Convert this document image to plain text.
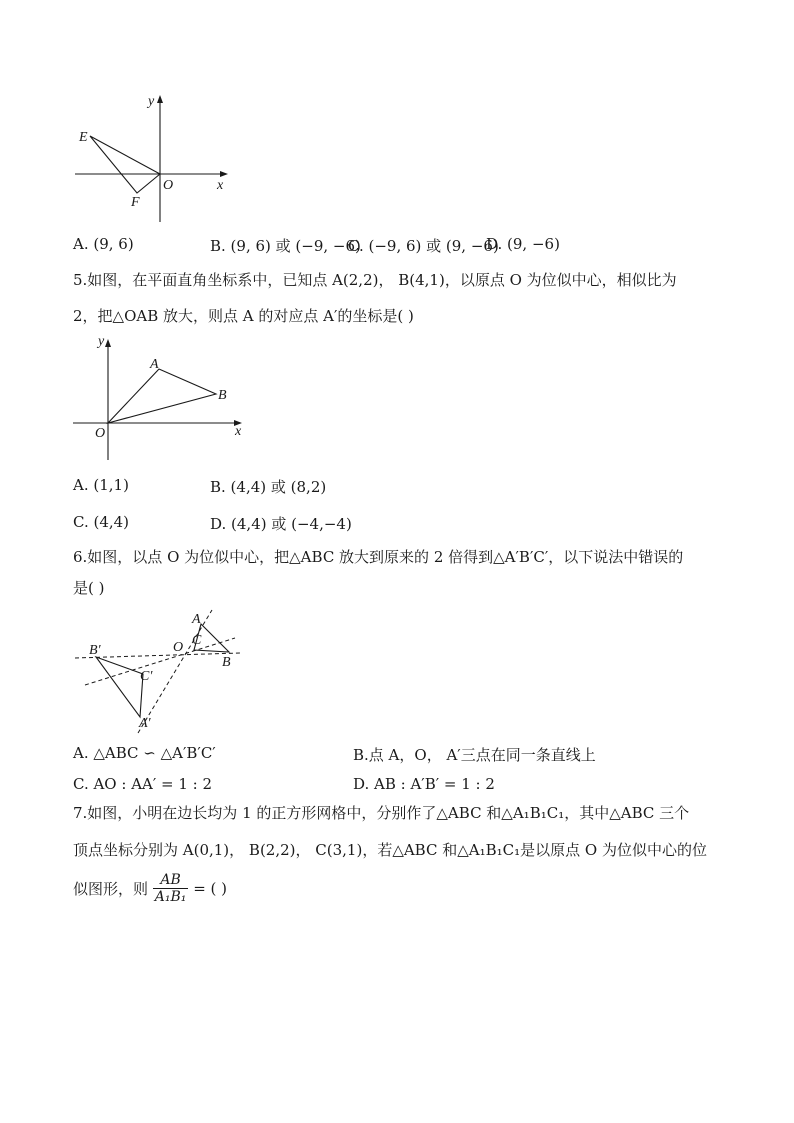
y
x
O
E
F
A. (9, 6)	B. (9, 6) 或 (−9, −6)
C. (−9, 6) 或 (9, −6)
D. (9, −6)
5.如图，在平面直角坐标系中，已知点 A(2,2)， B(4,1)，以原点 O 为位似中心，相似比为
2，把△OAB 放大，则点 A 的对应点 A′的坐标是( )
y
x
O
A
B
A. (1,1)	B. (4,4) 或 (8,2)
C. (4,4)	D. (4,4) 或 (−4,−4)
6.如图，以点 O 为位似中心，把△ABC 放大到原来的 2 倍得到△A′B′C′，以下说法中错误的
是( )
A
C
B
O
B′
C′
A′
A. △ABC ∽ △A′B′C′	B.点 A，O， A′三点在同一条直线上
C. AO : AA′ = 1 : 2	D. AB : A′B′ = 1 : 2
7.如图，小明在边长均为 1 的正方形网格中，分别作了△ABC 和△A₁B₁C₁，其中△ABC 三个
顶点坐标分别为 A(0,1)， B(2,2)， C(3,1)，若△ABC 和△A₁B₁C₁是以原点 O 为位似中心的位
似图形，则 $\frac{AB}{\text{A₁B₁}}$ = ( )
